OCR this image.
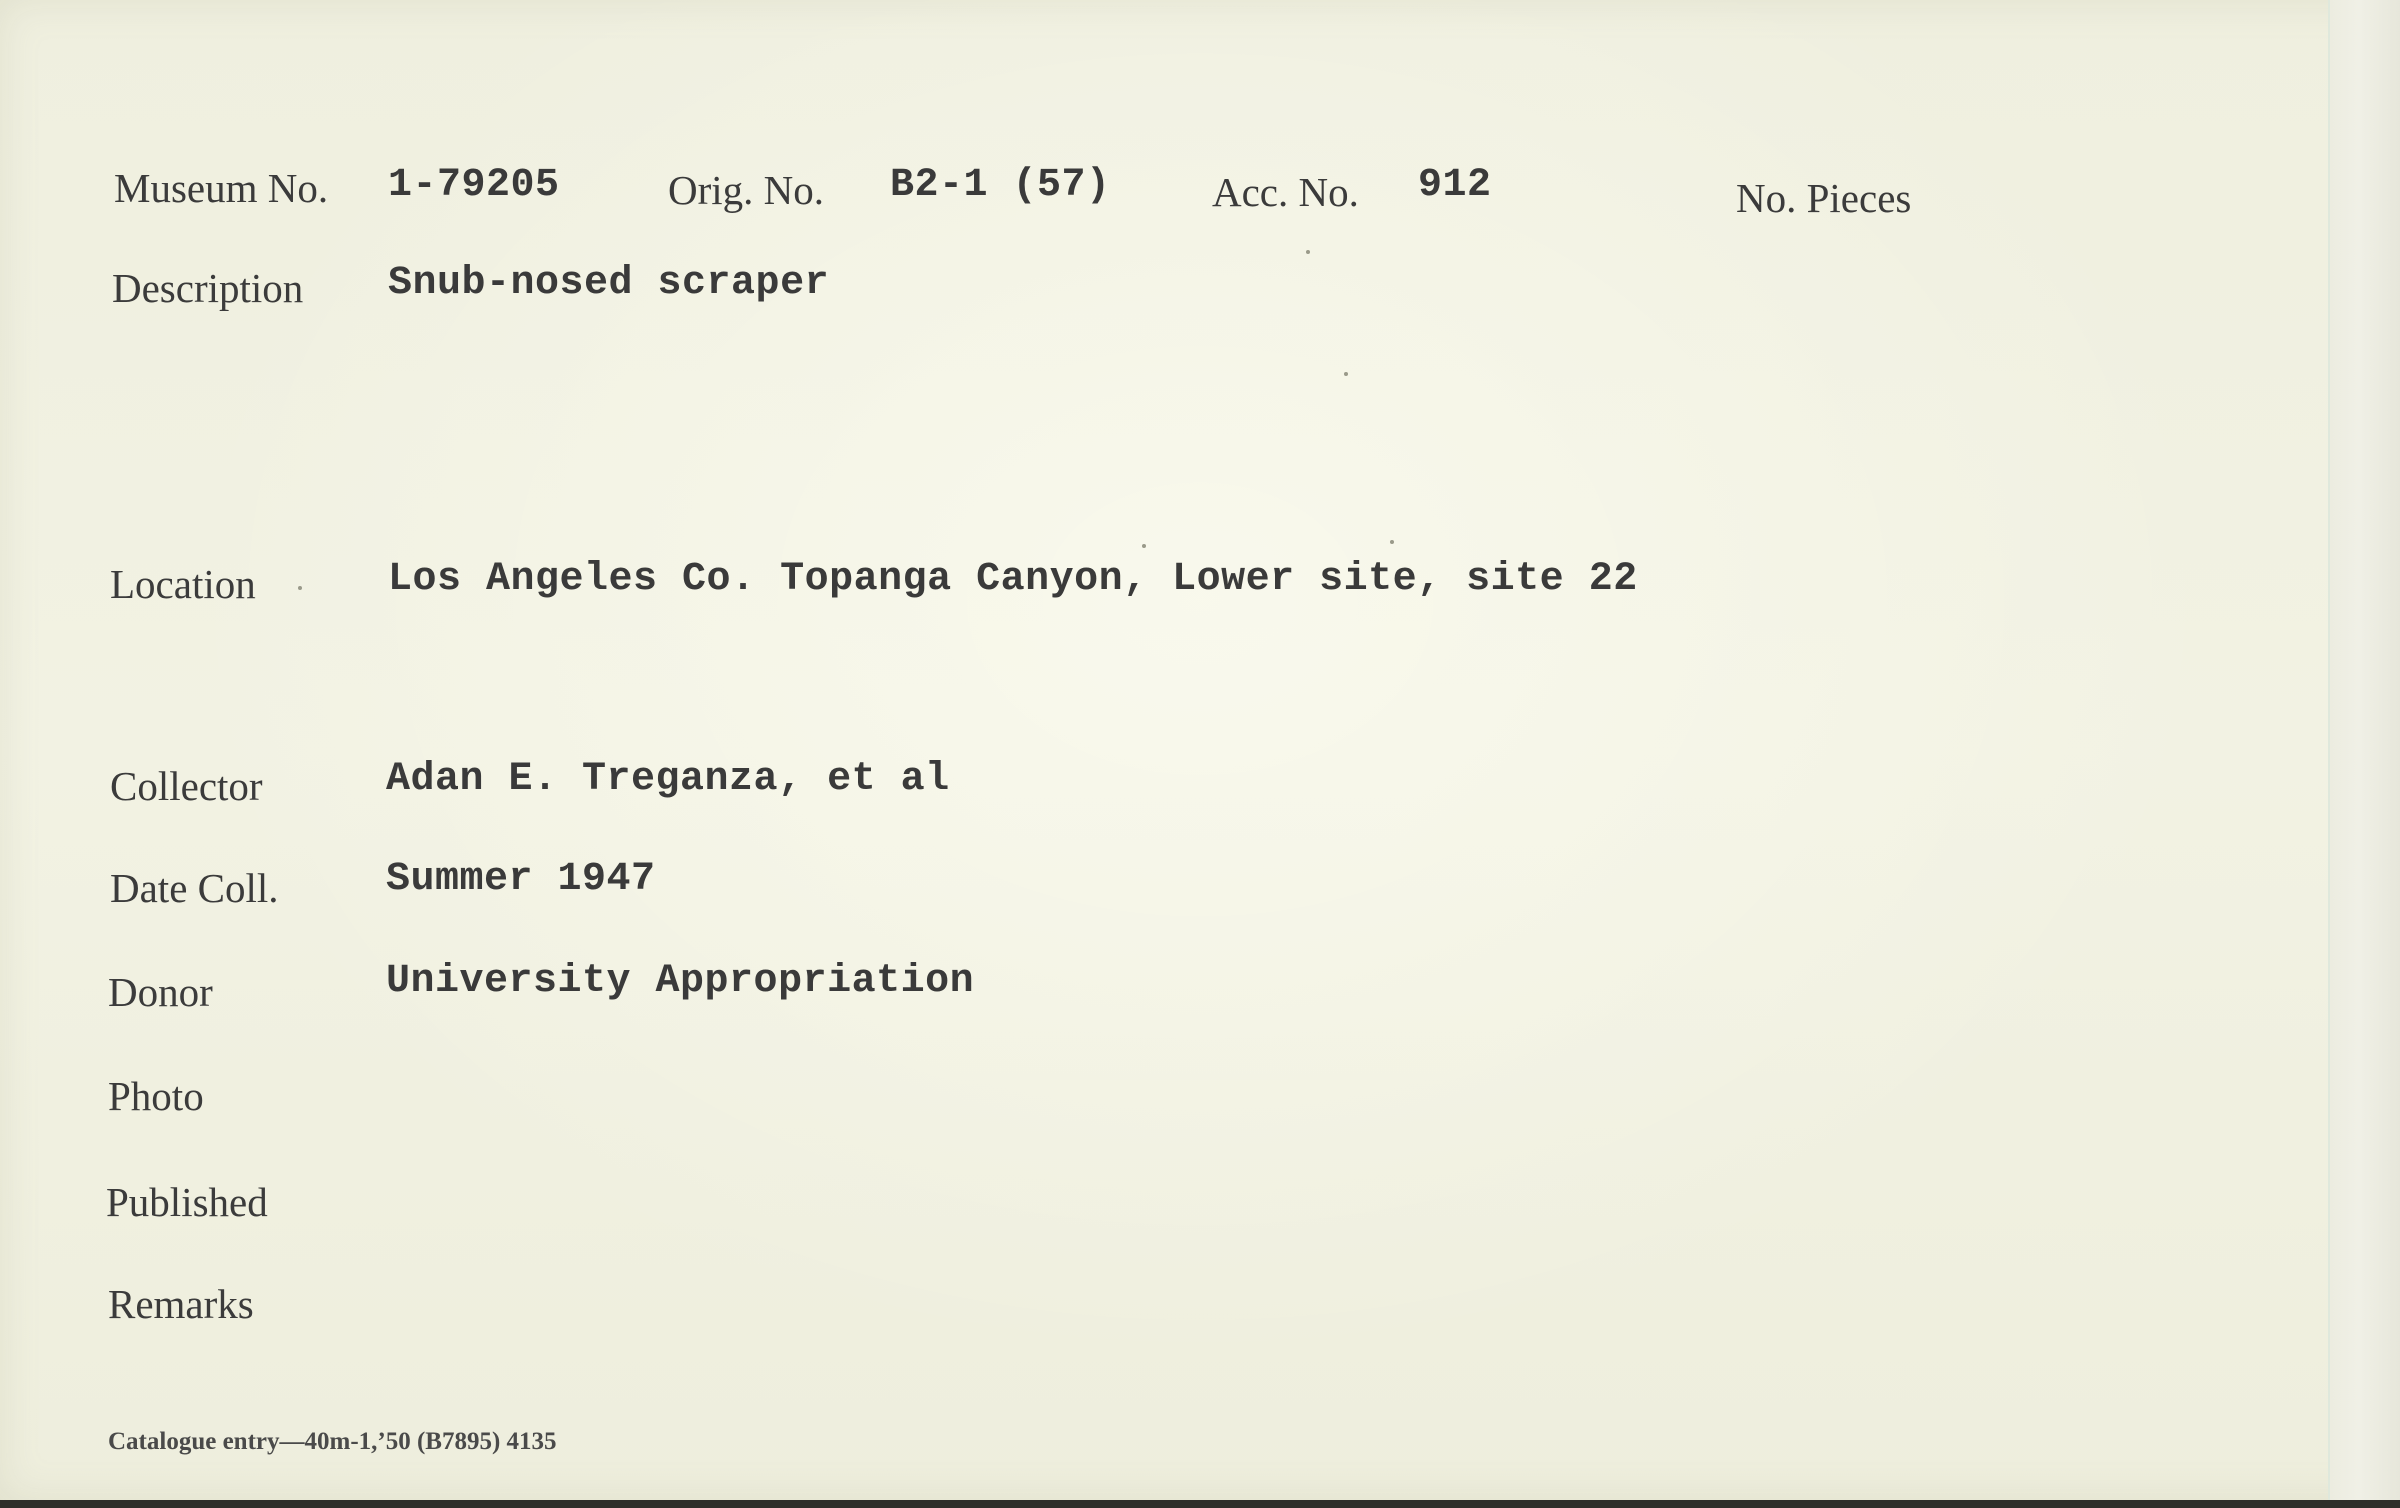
Museum No. 1-79205	Orig. No. B2-1 (57) Acc. No. 912	No. Pieces
Description Snub-nosed scraper
Location	Los Angeles Co. Topanga Canyon, Lower site, site 22
Collector	Adan E. Treganza, et al
Date Coll.	Summer 1947
Donor	University Appropriation
Photo
Published
Remarks
Catalogue entry—40m-1,’50 (B7895) 4135
